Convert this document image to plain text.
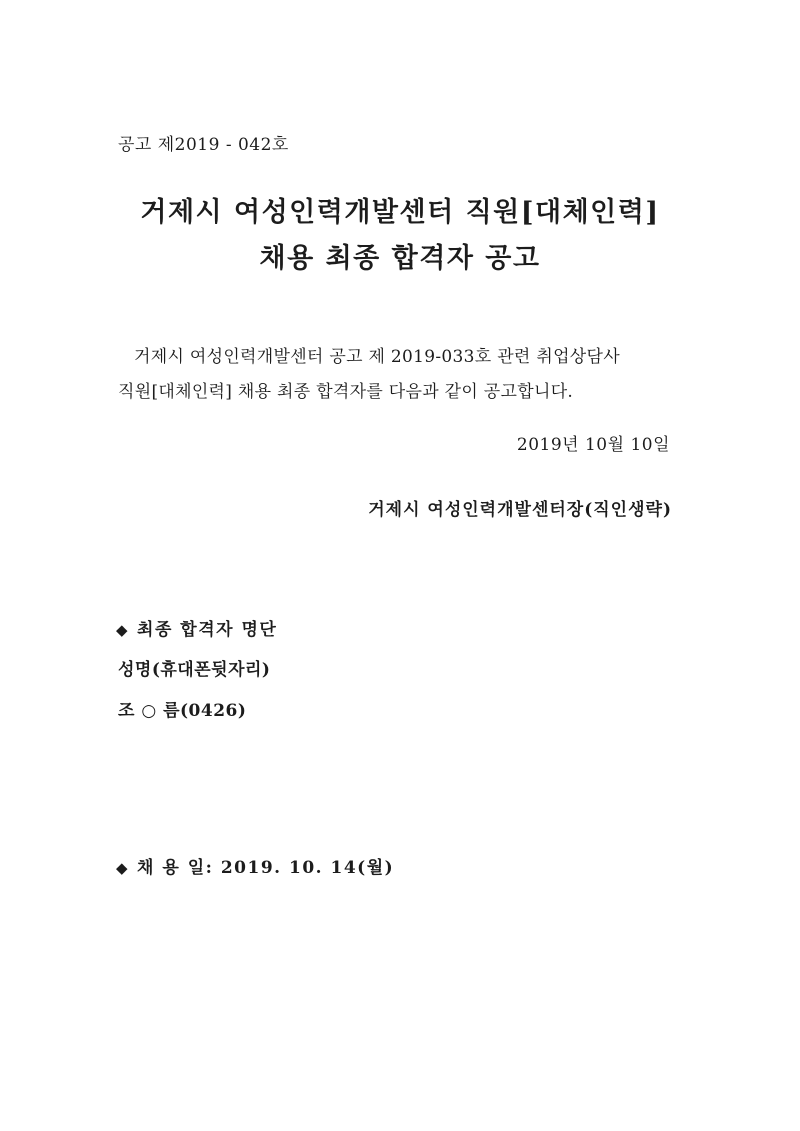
공고 제2019 - 042호
거제시 여성인력개발센터 직원[대체인력]
채용 최종 합격자 공고
거제시 여성인력개발센터 공고 제 2019-033호 관련 취업상담사
직원[대체인력] 채용 최종 합격자를 다음과 같이 공고합니다.
2019년 10월 10일
거제시 여성인력개발센터장(직인생략)
◆ 최종 합격자 명단
성명(휴대폰뒷자리)
조 ○ 름(0426)
◆ 채 용 일: 2019. 10. 14(월)
